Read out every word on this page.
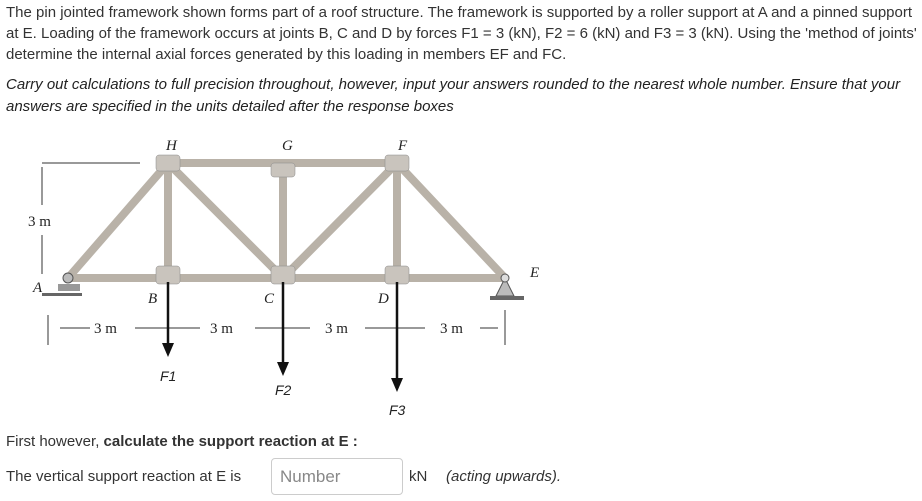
The pin jointed framework shown forms part of a roof structure. The framework is supported by a roller support at A and a pinned support at E. Loading of the framework occurs at joints B, C and D by forces F1 = 3 (kN), F2 = 6 (kN) and F3 = 3 (kN). Using the 'method of joints' determine the internal axial forces generated by this loading in members EF and FC.
Carry out calculations to full precision throughout, however, input your answers rounded to the nearest whole number. Ensure that your answers are specified in the units detailed after the response boxes
H	G	F
A
B	C	D
E
3 m
3 m	3 m	3 m	3 m
F1
F2
F3
First however, calculate the support reaction at E :
The vertical support reaction at E is
Number	kN (acting upwards).
